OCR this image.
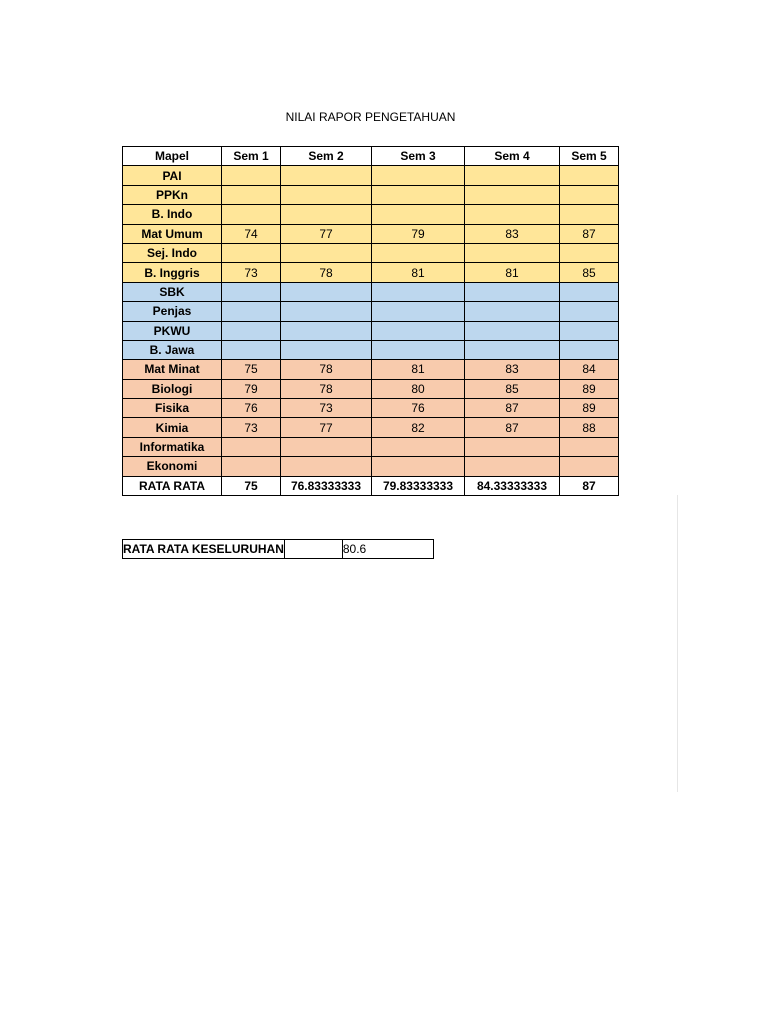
NILAI RAPOR PENGETAHUAN
Mapel	Sem 1	Sem 2	Sem 3	Sem 4	Sem 5
PAI					
PPKn					
B. Indo					
Mat Umum	74	77	79	83	87
Sej. Indo					
B. Inggris	73	78	81	81	85
SBK					
Penjas					
PKWU					
B. Jawa					
Mat Minat	75	78	81	83	84
Biologi	79	78	80	85	89
Fisika	76	73	76	87	89
Kimia	73	77	82	87	88
Informatika					
Ekonomi					
RATA RATA	75	76.83333333	79.83333333	84.33333333	87
RATA RATA KESELURUHAN		80.6
